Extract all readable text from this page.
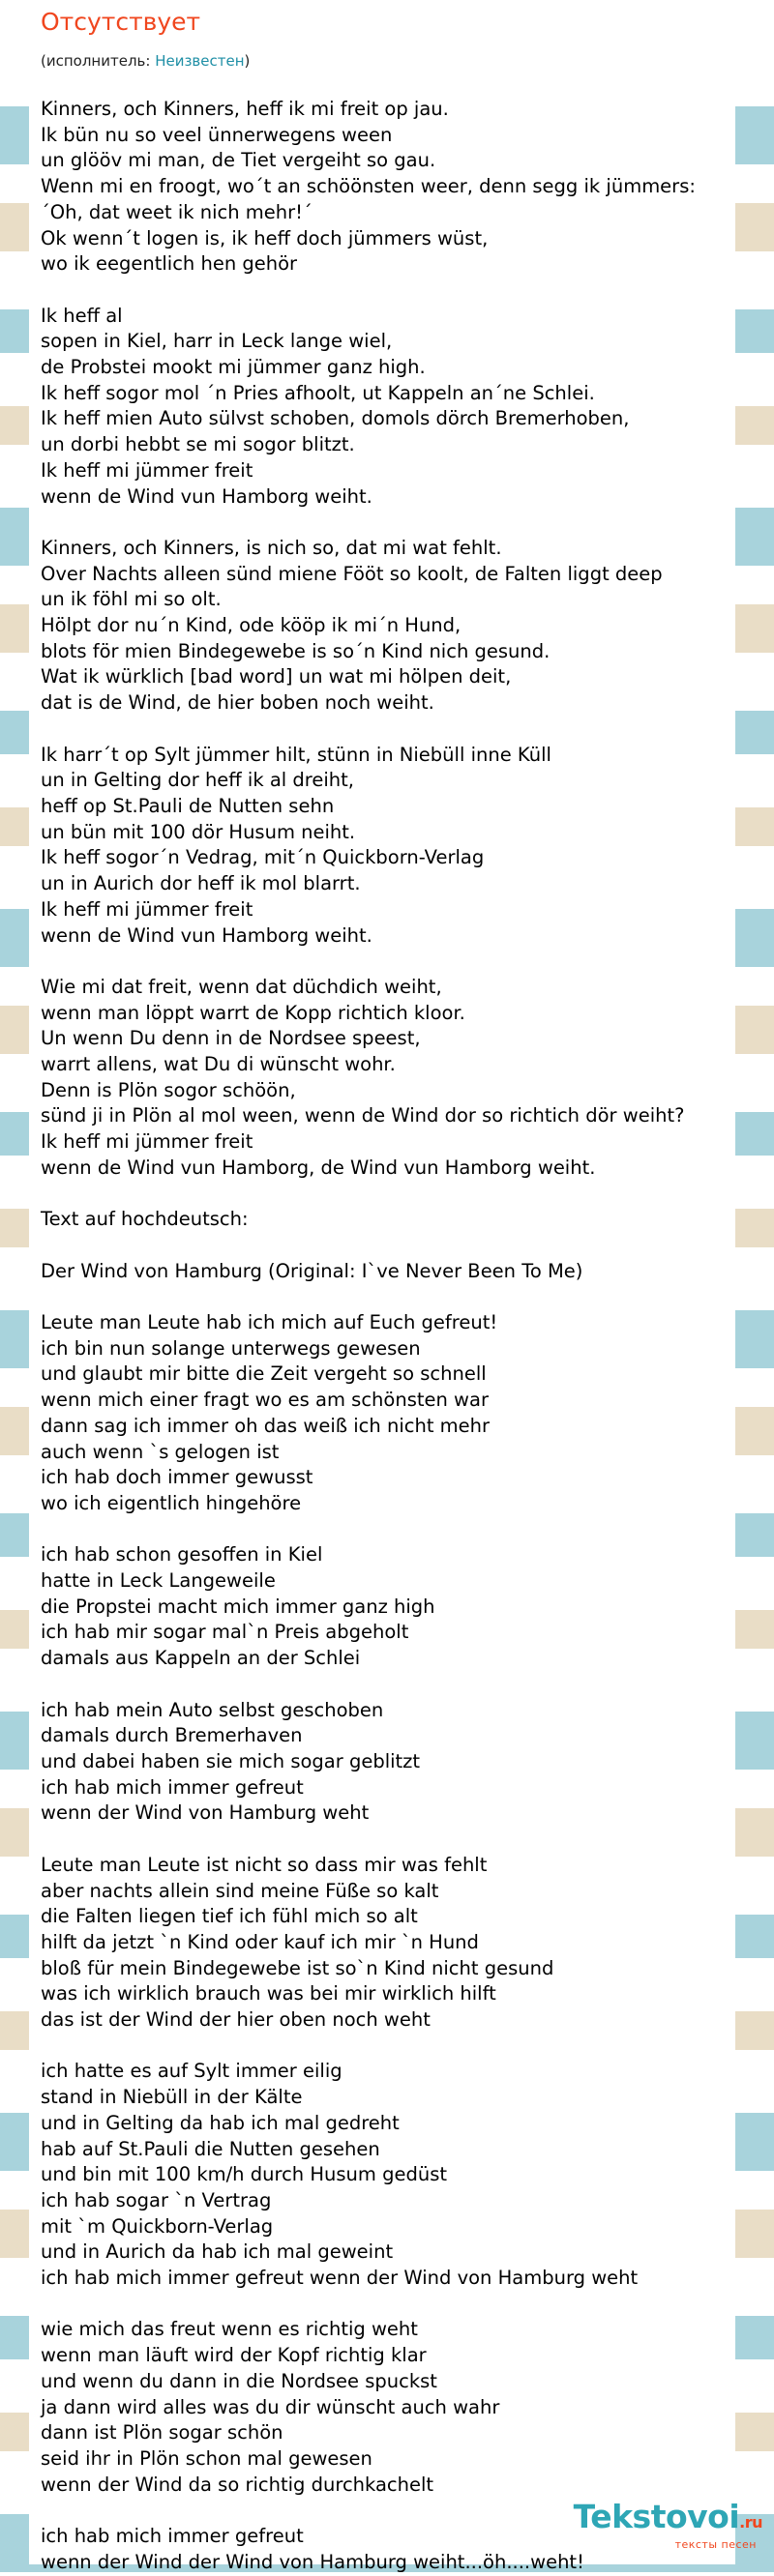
Отсутствует
(исполнитель: Неизвестен)
Kinners, och Kinners, heff ik mi freit op jau.
Ik bün nu so veel ünnerwegens ween
un glööv mi man, de Tiet vergeiht so gau.
Wenn mi en froogt, wo´t an schöönsten weer, denn segg ik jümmers:
´Oh, dat weet ik nich mehr!´
Ok wenn´t logen is, ik heff doch jümmers wüst,
wo ik eegentlich hen gehör

Ik heff al
sopen in Kiel, harr in Leck lange wiel,
de Probstei mookt mi jümmer ganz high.
Ik heff sogor mol ´n Pries afhoolt, ut Kappeln an´ne Schlei.
Ik heff mien Auto sülvst schoben, domols dörch Bremerhoben,
un dorbi hebbt se mi sogor blitzt.
Ik heff mi jümmer freit
wenn de Wind vun Hamborg weiht.

Kinners, och Kinners, is nich so, dat mi wat fehlt.
Over Nachts alleen sünd miene Fööt so koolt, de Falten liggt deep
un ik föhl mi so olt.
Hölpt dor nu´n Kind, ode kööp ik mi´n Hund,
blots för mien Bindegewebe is so´n Kind nich gesund.
Wat ik würklich [bad word] un wat mi hölpen deit,
dat is de Wind, de hier boben noch weiht.

Ik harr´t op Sylt jümmer hilt, stünn in Niebüll inne Küll
un in Gelting dor heff ik al dreiht,
heff op St.Pauli de Nutten sehn
un bün mit 100 dör Husum neiht.
Ik heff sogor´n Vedrag, mit´n Quickborn-Verlag
un in Aurich dor heff ik mol blarrt.
Ik heff mi jümmer freit
wenn de Wind vun Hamborg weiht.

Wie mi dat freit, wenn dat düchdich weiht,
wenn man löppt warrt de Kopp richtich kloor.
Un wenn Du denn in de Nordsee speest,
warrt allens, wat Du di wünscht wohr.
Denn is Plön sogor schöön,
sünd ji in Plön al mol ween, wenn de Wind dor so richtich dör weiht?
Ik heff mi jümmer freit
wenn de Wind vun Hamborg, de Wind vun Hamborg weiht.

Text auf hochdeutsch:

Der Wind von Hamburg (Original: I`ve Never Been To Me)

Leute man Leute hab ich mich auf Euch gefreut!
ich bin nun solange unterwegs gewesen
und glaubt mir bitte die Zeit vergeht so schnell
wenn mich einer fragt wo es am schönsten war
dann sag ich immer oh das weiß ich nicht mehr
auch wenn `s gelogen ist
ich hab doch immer gewusst
wo ich eigentlich hingehöre

ich hab schon gesoffen in Kiel
hatte in Leck Langeweile
die Propstei macht mich immer ganz high
ich hab mir sogar mal`n Preis abgeholt
damals aus Kappeln an der Schlei

ich hab mein Auto selbst geschoben
damals durch Bremerhaven
und dabei haben sie mich sogar geblitzt
ich hab mich immer gefreut
wenn der Wind von Hamburg weht

Leute man Leute ist nicht so dass mir was fehlt
aber nachts allein sind meine Füße so kalt
die Falten liegen tief ich fühl mich so alt
hilft da jetzt `n Kind oder kauf ich mir `n Hund
bloß für mein Bindegewebe ist so`n Kind nicht gesund
was ich wirklich brauch was bei mir wirklich hilft
das ist der Wind der hier oben noch weht

ich hatte es auf Sylt immer eilig
stand in Niebüll in der Kälte
und in Gelting da hab ich mal gedreht
hab auf St.Pauli die Nutten gesehen
und bin mit 100 km/h durch Husum gedüst
ich hab sogar `n Vertrag
mit `m Quickborn-Verlag
und in Aurich da hab ich mal geweint
ich hab mich immer gefreut wenn der Wind von Hamburg weht

wie mich das freut wenn es richtig weht
wenn man läuft wird der Kopf richtig klar
und wenn du dann in die Nordsee spuckst
ja dann wird alles was du dir wünscht auch wahr
dann ist Plön sogar schön
seid ihr in Plön schon mal gewesen
wenn der Wind da so richtig durchkachelt

ich hab mich immer gefreut
wenn der Wind der Wind von Hamburg weiht...öh....weht!
Tekstovoi.ru
тексты песен
